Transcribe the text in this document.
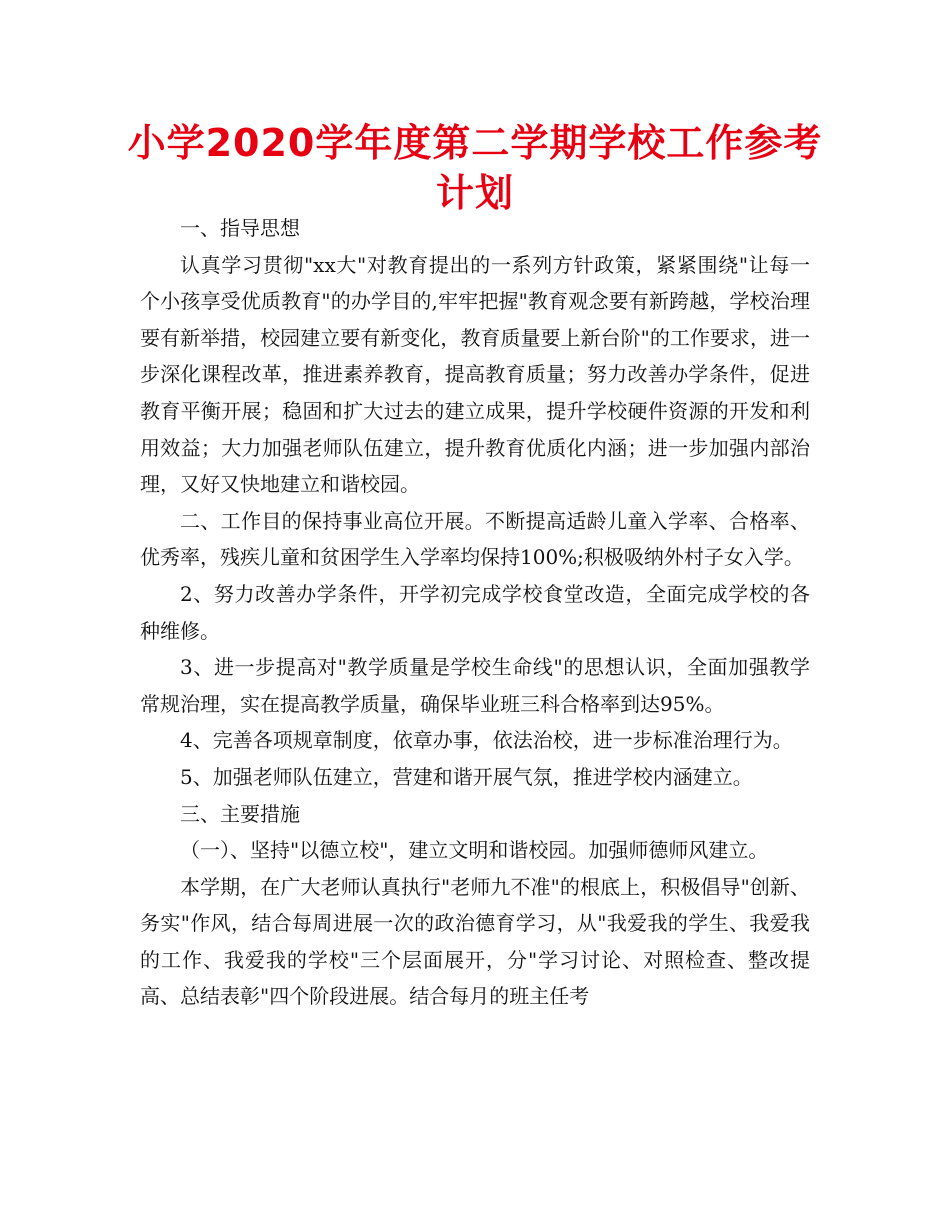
小学2020学年度第二学期学校工作参考计划

一、指导思想

认真学习贯彻"xx大"对教育提出的一系列方针政策，紧紧围绕"让每一个小孩享受优质教育"的办学目的,牢牢把握"教育观念要有新跨越，学校治理要有新举措，校园建立要有新变化，教育质量要上新台阶"的工作要求，进一步深化课程改革，推进素养教育，提高教育质量；努力改善办学条件，促进教育平衡开展；稳固和扩大过去的建立成果，提升学校硬件资源的开发和利用效益；大力加强老师队伍建立，提升教育优质化内涵；进一步加强内部治理，又好又快地建立和谐校园。

二、工作目的保持事业高位开展。不断提高适龄儿童入学率、合格率、优秀率，残疾儿童和贫困学生入学率均保持100%;积极吸纳外村子女入学。

2、努力改善办学条件，开学初完成学校食堂改造，全面完成学校的各种维修。

3、进一步提高对"教学质量是学校生命线"的思想认识，全面加强教学常规治理，实在提高教学质量，确保毕业班三科合格率到达95%。

4、完善各项规章制度，依章办事，依法治校，进一步标准治理行为。

5、加强老师队伍建立，营建和谐开展气氛，推进学校内涵建立。

三、主要措施

（一）、坚持"以德立校"，建立文明和谐校园。加强师德师风建立。

本学期，在广大老师认真执行"老师九不准"的根底上，积极倡导"创新、务实"作风，结合每周进展一次的政治德育学习，从"我爱我的学生、我爱我的工作、我爱我的学校"三个层面展开，分"学习讨论、对照检查、整改提高、总结表彰"四个阶段进展。结合每月的班主任考
